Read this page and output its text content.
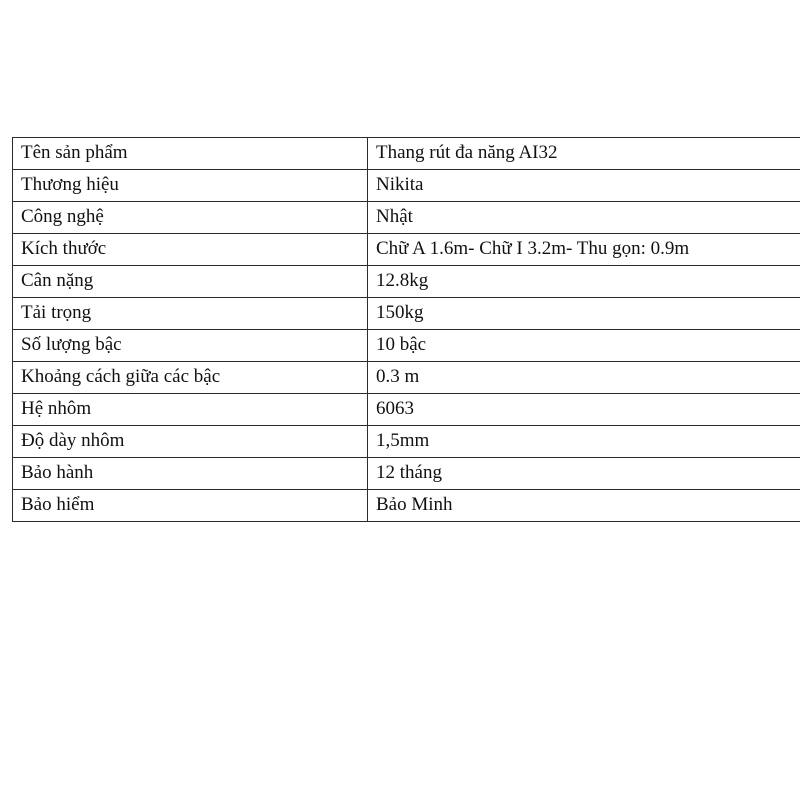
Tên sản phẩm	Thang rút đa năng AI32
Thương hiệu	Nikita
Công nghệ	Nhật
Kích thước	Chữ A 1.6m- Chữ I 3.2m- Thu gọn: 0.9m
Cân nặng	12.8kg
Tải trọng	150kg
Số lượng bậc	10 bậc
Khoảng cách giữa các bậc	0.3 m
Hệ nhôm	6063
Độ dày nhôm	1,5mm
Bảo hành	12 tháng
Bảo hiểm	Bảo Minh
